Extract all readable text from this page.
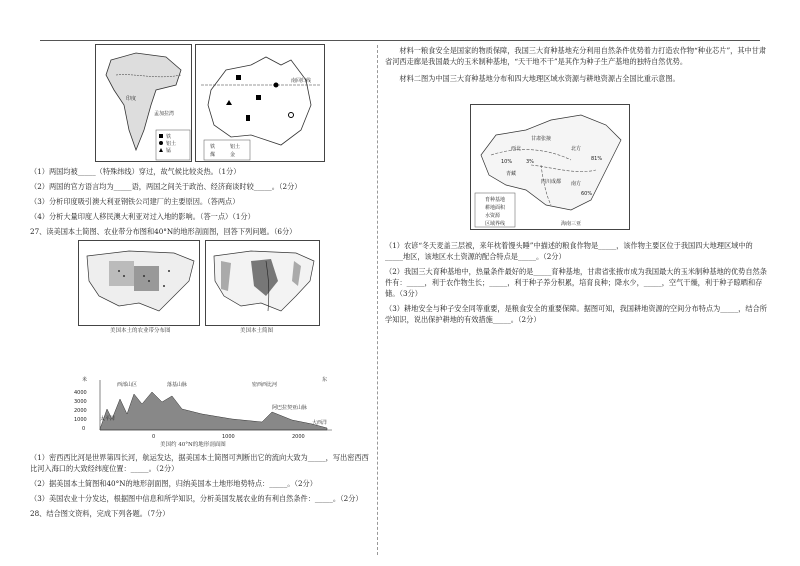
孟加拉湾
印度
铁
铝土
锰
南回归线
铁
煤
铝土
金

（1）两国均被_____（特殊纬线）穿过，故气候比较炎热。（1分）

（2）两国的官方语言均为_____语，两国之间关于政治、经济商谈时较_____。（2分）

（3）分析印度吸引澳大利亚钢铁公司建厂的主要原因。（答两点）

（4）分析大量印度人移民澳大利亚对过入地的影响。（答一点）（1分）

27、读美国本土简图、农业带分布图和40°N的地形剖面图，回答下列问题。（6分）

美国本土的农业带分布图	美国本土简图
米
4000
3000
2000
1000
0
西部山区	落基山脉	密西西比河
阿巴拉契亚山脉
大西洋
太平洋
东
0	1000	2000
美国约 40°N的地形剖面图

（1）密西西比河是世界第四长河，航运发达，据美国本土简图可判断出它的流向大致为_____，写出密西西比河入海口的大致经纬度位置：_____。（2分）

（2）据美国本土简图和40°N的地形剖面图，归纳美国本土地形地势特点：_____。（2分）

（3）美国农业十分发达，根据图中信息和所学知识，分析美国发展农业的有利自然条件：_____。（2分）

28、结合图文资料，完成下列各题。（7分）

材料一粮食安全是国家的物质保障，我国三大育种基地充分利用自然条件优势着力打造农作物“种业芯片”，其中甘肃省河西走廊是我国最大的玉米制种基地，“天干地不干”是其作为种子生产基地的独特自然优势。

材料二图为中国三大育种基地分布和四大地理区域水资源与耕地资源占全国比重示意图。

西北	北方
南方
青藏
甘肃张掖
海南三亚
四川成都
10%	3%
60%
81%
育种基地
耕地面积
水资源
区域界线

（1）农谚“冬天麦盖三层被，来年枕着馒头睡”中描述的粮食作物是_____，该作物主要区位于我国四大地理区域中的_____地区，该地区水土资源的配合特点是_____。（2分）

（2）我国三大育种基地中，热量条件最好的是_____育种基地，甘肃省张掖市成为我国最大的玉米制种基地的优势自然条件有：_____，利于农作物生长；_____，利于种子养分积累，培育良种；降水少，_____，空气干燥，利于种子晾晒和存储。（3分）

（3）耕地安全与种子安全同等重要，是粮食安全的重要保障。据图可知，我国耕地资源的空间分布特点为_____，结合所学知识，说出保护耕地的有效措施_____。（2分）
